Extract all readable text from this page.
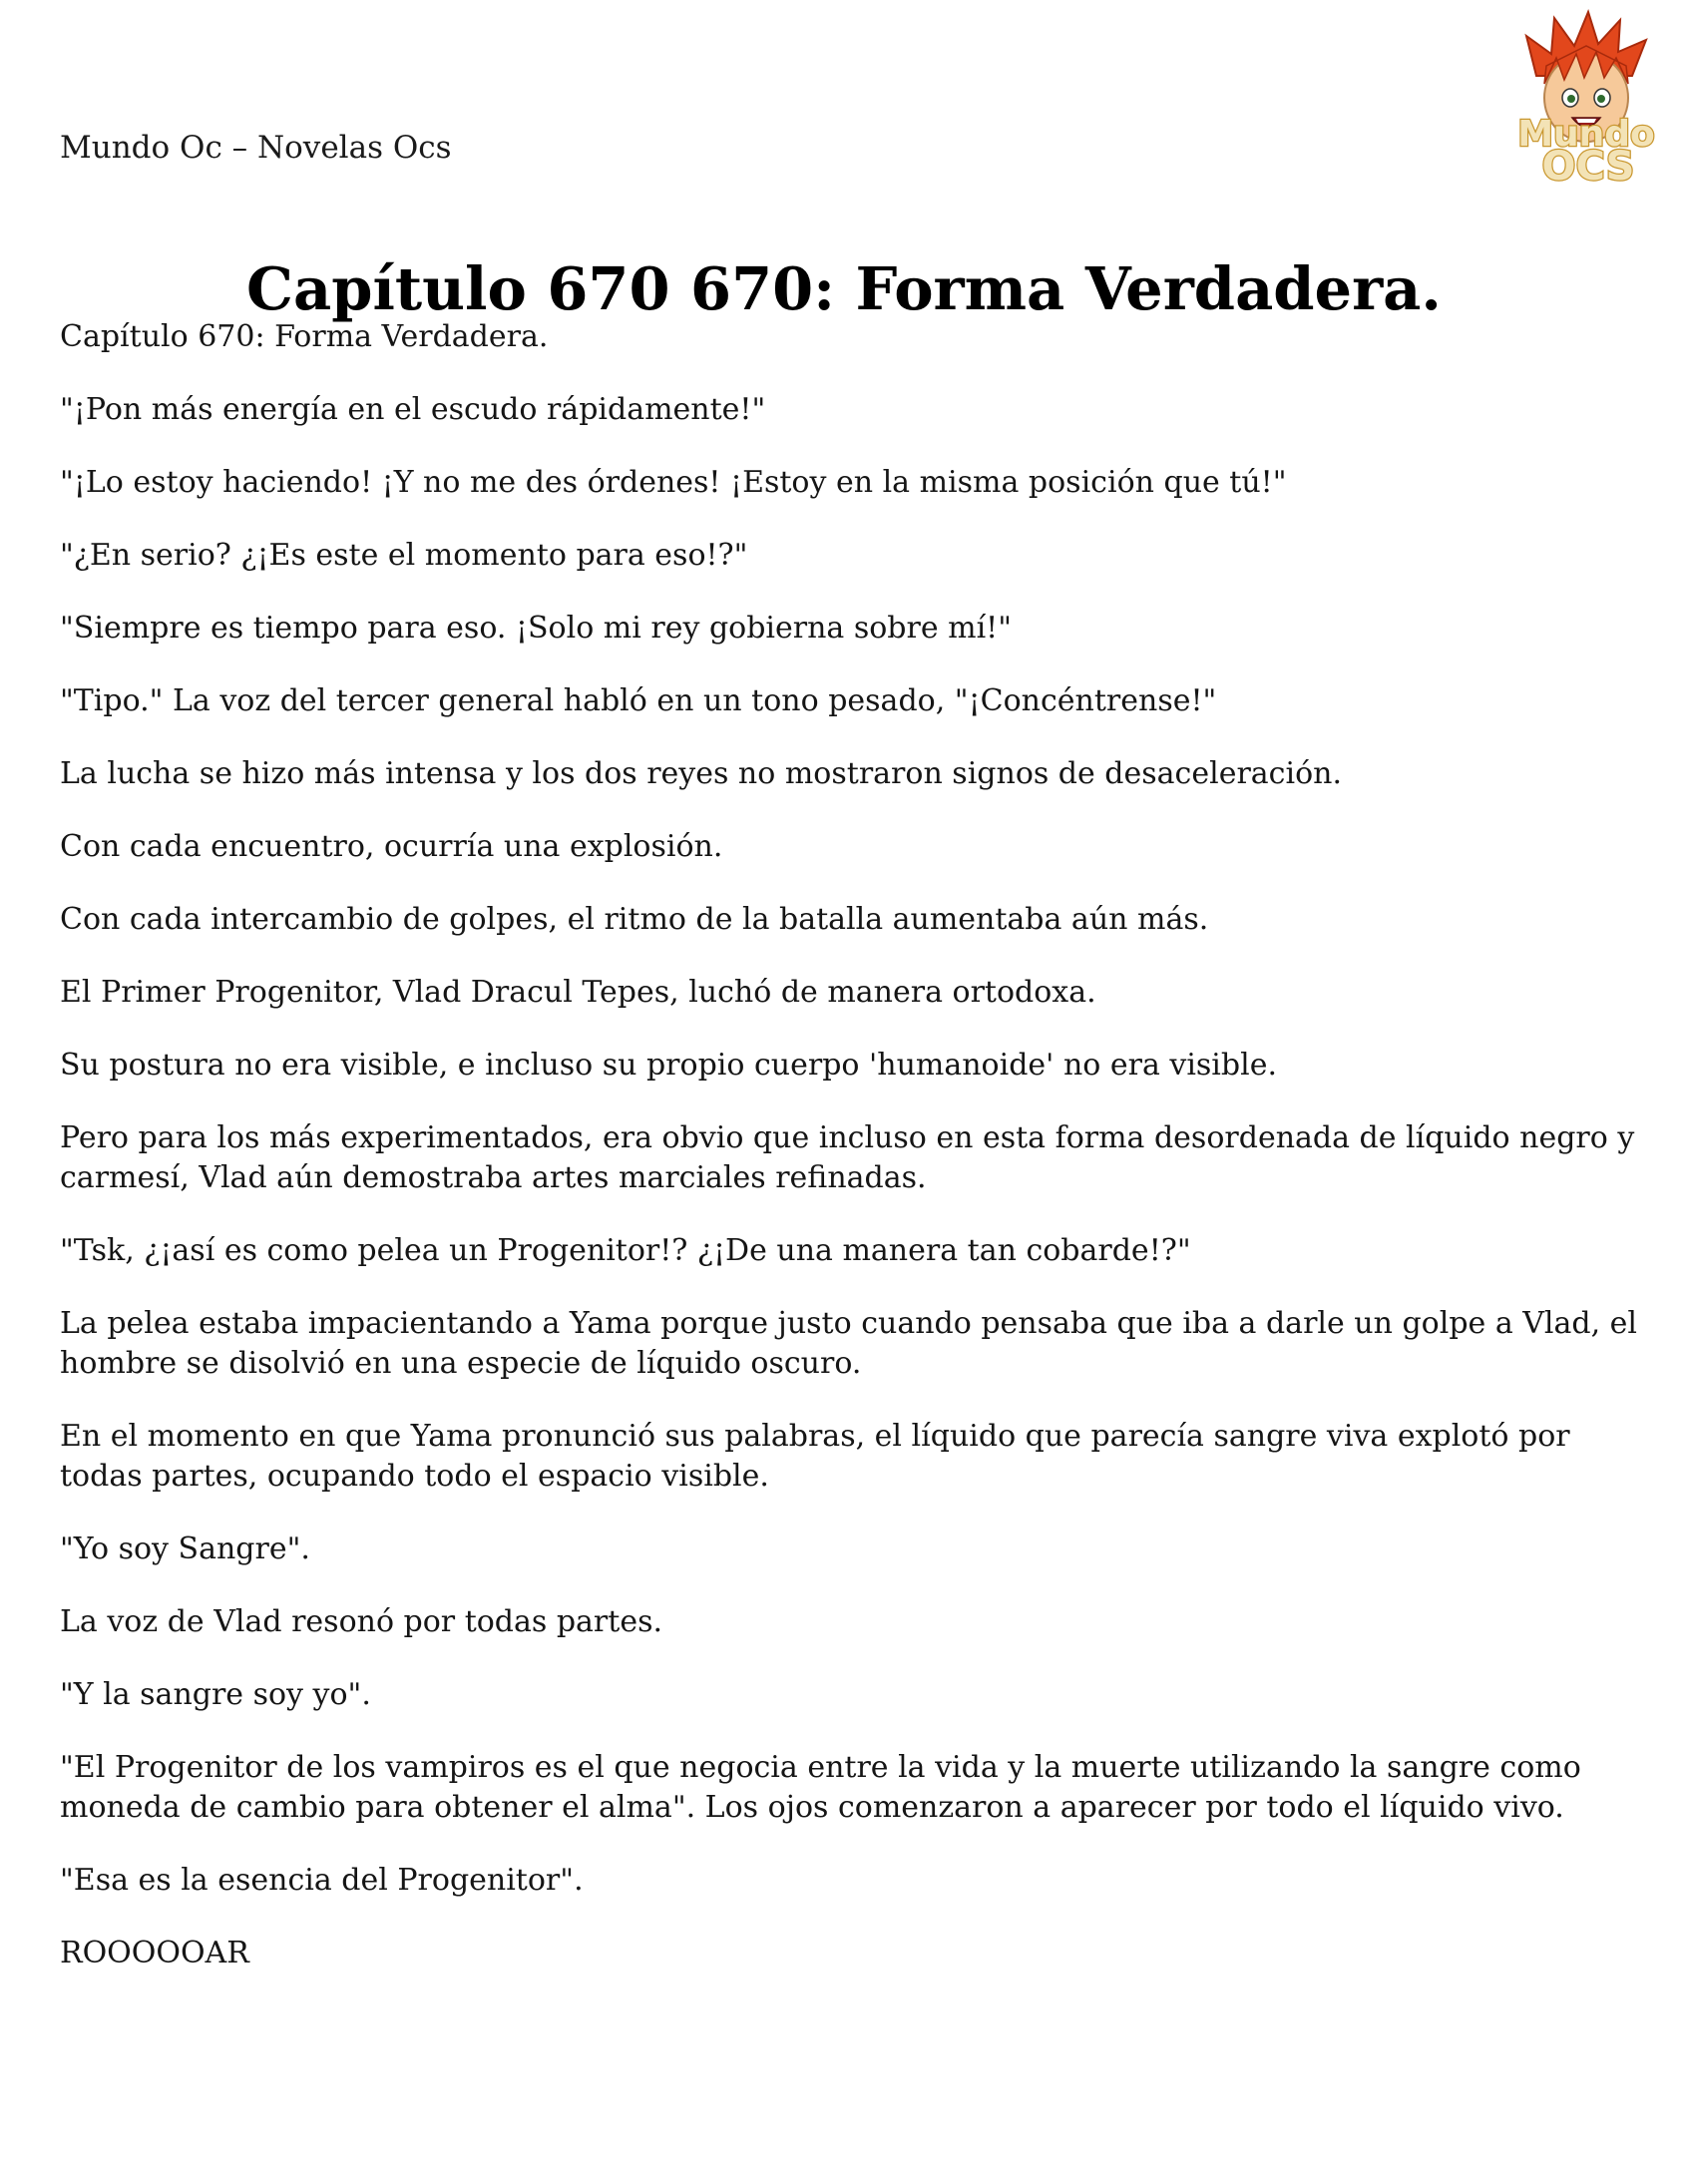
Mundo Oc – Novelas Ocs	Mundo
OCS
Capítulo 670 670: Forma Verdadera.

Capítulo 670: Forma Verdadera.

"¡Pon más energía en el escudo rápidamente!"

"¡Lo estoy haciendo! ¡Y no me des órdenes! ¡Estoy en la misma posición que tú!"

"¿En serio? ¿¡Es este el momento para eso!?"

"Siempre es tiempo para eso. ¡Solo mi rey gobierna sobre mí!"

"Tipo." La voz del tercer general habló en un tono pesado, "¡Concéntrense!"

La lucha se hizo más intensa y los dos reyes no mostraron signos de desaceleración.

Con cada encuentro, ocurría una explosión.

Con cada intercambio de golpes, el ritmo de la batalla aumentaba aún más.

El Primer Progenitor, Vlad Dracul Tepes, luchó de manera ortodoxa.

Su postura no era visible, e incluso su propio cuerpo 'humanoide' no era visible.

Pero para los más experimentados, era obvio que incluso en esta forma desordenada de líquido negro y carmesí, Vlad aún demostraba artes marciales refinadas.

"Tsk, ¿¡así es como pelea un Progenitor!? ¿¡De una manera tan cobarde!?"

La pelea estaba impacientando a Yama porque justo cuando pensaba que iba a darle un golpe a Vlad, el hombre se disolvió en una especie de líquido oscuro.

En el momento en que Yama pronunció sus palabras, el líquido que parecía sangre viva explotó por todas partes, ocupando todo el espacio visible.

"Yo soy Sangre".

La voz de Vlad resonó por todas partes.

"Y la sangre soy yo".

"El Progenitor de los vampiros es el que negocia entre la vida y la muerte utilizando la sangre como moneda de cambio para obtener el alma". Los ojos comenzaron a aparecer por todo el líquido vivo.

"Esa es la esencia del Progenitor".

ROOOOOAR
